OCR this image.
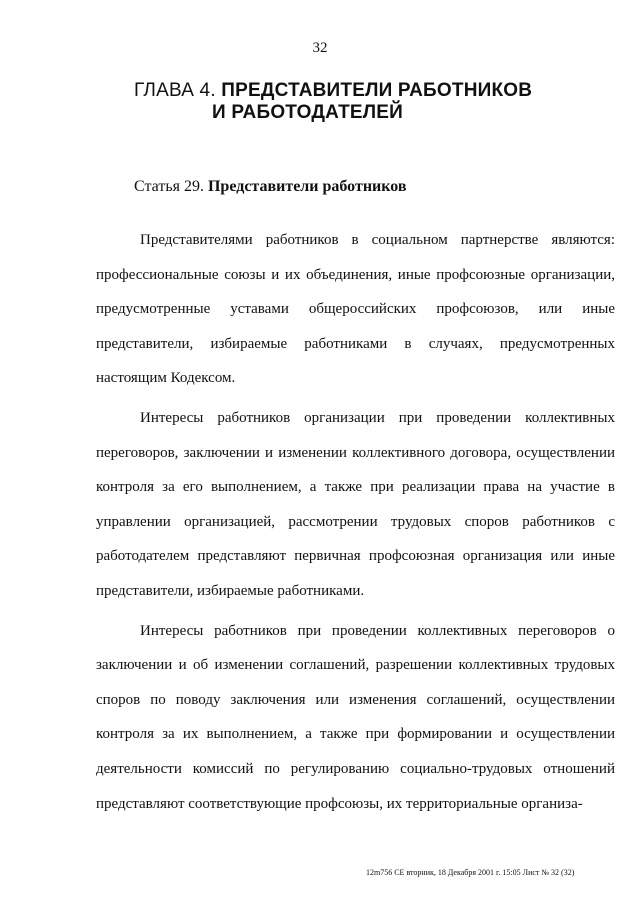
32
ГЛАВА 4. ПРЕДСТАВИТЕЛИ РАБОТНИКОВ
И РАБОТОДАТЕЛЕЙ
Статья 29. Представители работников

Представителями работников в социальном партнерстве являются: профессиональные союзы и их объединения, иные профсоюзные организации, предусмотренные уставами общероссийских профсоюзов, или иные представители, избираемые работниками в случаях, предусмотренных настоящим Кодексом.

Интересы работников организации при проведении коллективных переговоров, заключении и изменении коллективного договора, осуществлении контроля за его выполнением, а также при реализации права на участие в управлении организацией, рассмотрении трудовых споров работников с работодателем представляют первичная профсоюзная организация или иные представители, избираемые работниками.

Интересы работников при проведении коллективных переговоров о заключении и об изменении соглашений, разрешении коллективных трудовых споров по поводу заключения или изменения соглашений, осуществлении контроля за их выполнением, а также при формировании и осуществлении деятельности комиссий по регулированию социально-трудовых отношений представляют соответствующие профсоюзы, их территориальные организа-

12m756 СЕ вторник, 18 Декабря 2001 г. 15:05 Лист № 32 (32)
